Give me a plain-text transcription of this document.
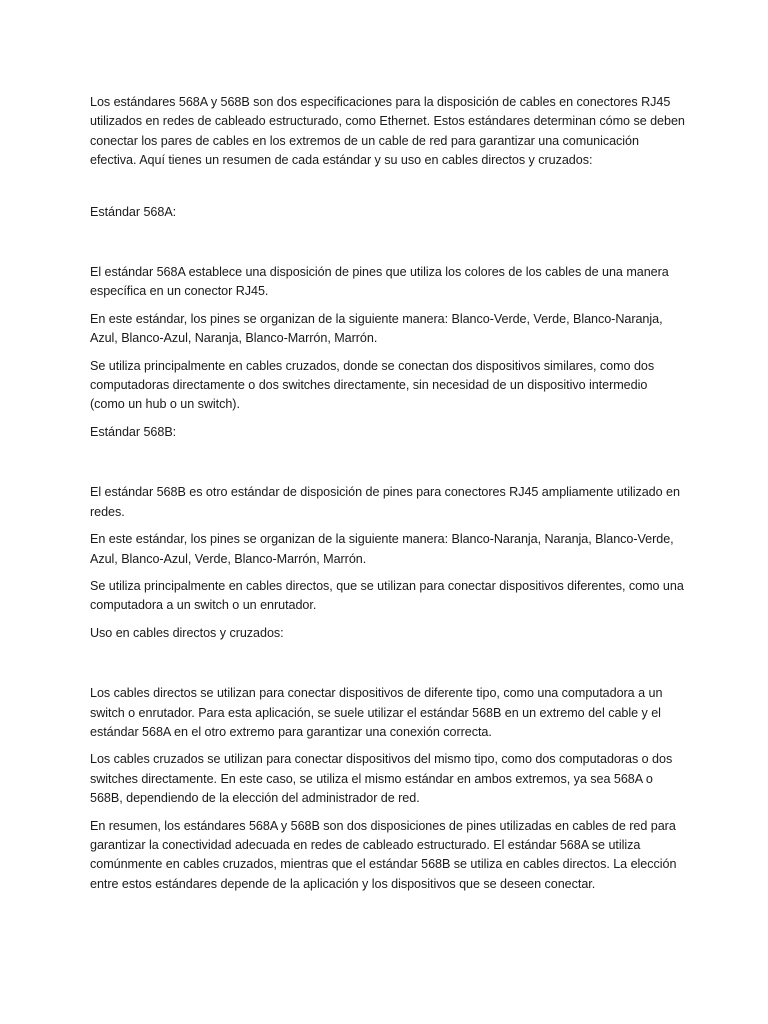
Los estándares 568A y 568B son dos especificaciones para la disposición de cables en conectores RJ45 utilizados en redes de cableado estructurado, como Ethernet. Estos estándares determinan cómo se deben conectar los pares de cables en los extremos de un cable de red para garantizar una comunicación efectiva. Aquí tienes un resumen de cada estándar y su uso en cables directos y cruzados:

Estándar 568A:

El estándar 568A establece una disposición de pines que utiliza los colores de los cables de una manera específica en un conector RJ45.

En este estándar, los pines se organizan de la siguiente manera: Blanco-Verde, Verde, Blanco-Naranja, Azul, Blanco-Azul, Naranja, Blanco-Marrón, Marrón.

Se utiliza principalmente en cables cruzados, donde se conectan dos dispositivos similares, como dos computadoras directamente o dos switches directamente, sin necesidad de un dispositivo intermedio (como un hub o un switch).

Estándar 568B:

El estándar 568B es otro estándar de disposición de pines para conectores RJ45 ampliamente utilizado en redes.

En este estándar, los pines se organizan de la siguiente manera: Blanco-Naranja, Naranja, Blanco-Verde, Azul, Blanco-Azul, Verde, Blanco-Marrón, Marrón.

Se utiliza principalmente en cables directos, que se utilizan para conectar dispositivos diferentes, como una computadora a un switch o un enrutador.

Uso en cables directos y cruzados:

Los cables directos se utilizan para conectar dispositivos de diferente tipo, como una computadora a un switch o enrutador. Para esta aplicación, se suele utilizar el estándar 568B en un extremo del cable y el estándar 568A en el otro extremo para garantizar una conexión correcta.

Los cables cruzados se utilizan para conectar dispositivos del mismo tipo, como dos computadoras o dos switches directamente. En este caso, se utiliza el mismo estándar en ambos extremos, ya sea 568A o 568B, dependiendo de la elección del administrador de red.

En resumen, los estándares 568A y 568B son dos disposiciones de pines utilizadas en cables de red para garantizar la conectividad adecuada en redes de cableado estructurado. El estándar 568A se utiliza comúnmente en cables cruzados, mientras que el estándar 568B se utiliza en cables directos. La elección entre estos estándares depende de la aplicación y los dispositivos que se deseen conectar.
